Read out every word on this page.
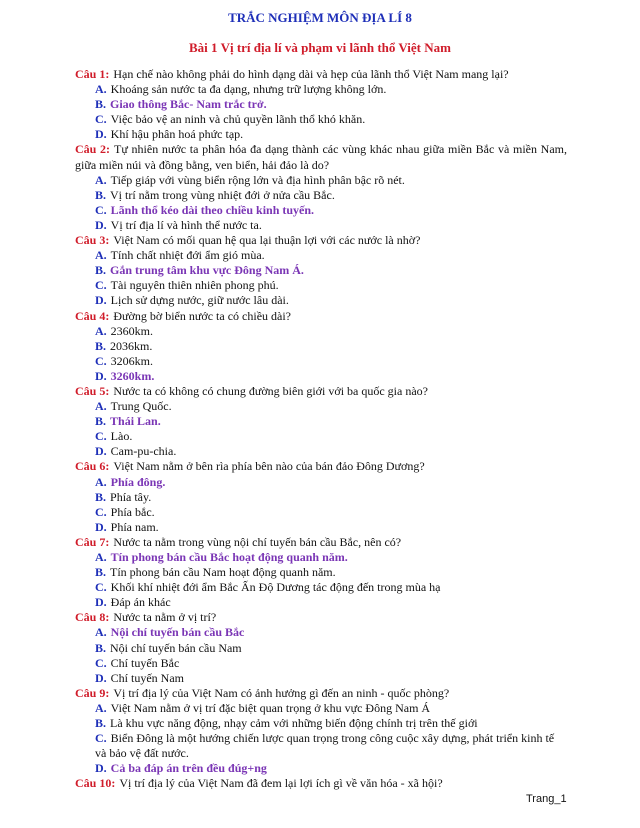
TRẮC NGHIỆM MÔN ĐỊA LÍ 8
Bài 1 Vị trí địa lí và phạm vi lãnh thổ Việt Nam
Câu 1: Hạn chế nào không phải do hình dạng dài và hẹp của lãnh thổ Việt Nam mang lại?
A. Khoáng sản nước ta đa dạng, nhưng trữ lượng không lớn.
B. Giao thông Bắc- Nam trắc trở.
C. Việc bảo vệ an ninh và chủ quyền lãnh thổ khó khăn.
D. Khí hậu phân hoá phức tạp.
Câu 2: Tự nhiên nước ta phân hóa đa dạng thành các vùng khác nhau giữa miền Bắc và miền Nam, giữa miền núi và đồng bằng, ven biển, hải đảo là do?
A. Tiếp giáp với vùng biển rộng lớn và địa hình phân bậc rõ nét.
B. Vị trí nằm trong vùng nhiệt đới ở nửa cầu Bắc.
C. Lãnh thổ kéo dài theo chiều kinh tuyến.
D. Vị trí địa lí và hình thể nước ta.
Câu 3: Việt Nam có mối quan hệ qua lại thuận lợi với các nước là nhờ?
A. Tính chất nhiệt đới ẩm gió mùa.
B. Gắn trung tâm khu vực Đông Nam Á.
C. Tài nguyên thiên nhiên phong phú.
D. Lịch sử dựng nước, giữ nước lâu dài.
Câu 4: Đường bờ biển nước ta có chiều dài?
A. 2360km.
B. 2036km.
C. 3206km.
D. 3260km.
Câu 5: Nước ta có không có chung đường biên giới với ba quốc gia nào?
A. Trung Quốc.
B. Thái Lan.
C. Lào.
D. Cam-pu-chia.
Câu 6: Việt Nam nằm ở bên rìa phía bên nào của bán đảo Đông Dương?
A. Phía đông.
B. Phía tây.
C. Phía bắc.
D. Phía nam.
Câu 7: Nước ta nằm trong vùng nội chí tuyến bán cầu Bắc, nên có?
A. Tín phong bán cầu Bắc hoạt động quanh năm.
B. Tín phong bán cầu Nam hoạt động quanh năm.
C. Khối khí nhiệt đới ẩm Bắc Ấn Độ Dương tác động đến trong mùa hạ
D. Đáp án khác
Câu 8: Nước ta nằm ở vị trí?
A. Nội chí tuyến bán cầu Bắc
B. Nội chí tuyến bán cầu Nam
C. Chí tuyến Bắc
D. Chí tuyến Nam
Câu 9: Vị trí địa lý của Việt Nam có ảnh hưởng gì đến an ninh - quốc phòng?
A. Việt Nam nằm ở vị trí đặc biệt quan trọng ở khu vực Đông Nam Á
B. Là khu vực năng động, nhạy cảm với những biến động chính trị trên thế giới
C. Biển Đông là một hướng chiến lược quan trọng trong công cuộc xây dựng, phát triển kinh tế và bảo vệ đất nước.
D. Cả ba đáp án trên đều đúg+ng
Câu 10: Vị trí địa lý của Việt Nam đã đem lại lợi ích gì về văn hóa - xã hội?
Trang_1
